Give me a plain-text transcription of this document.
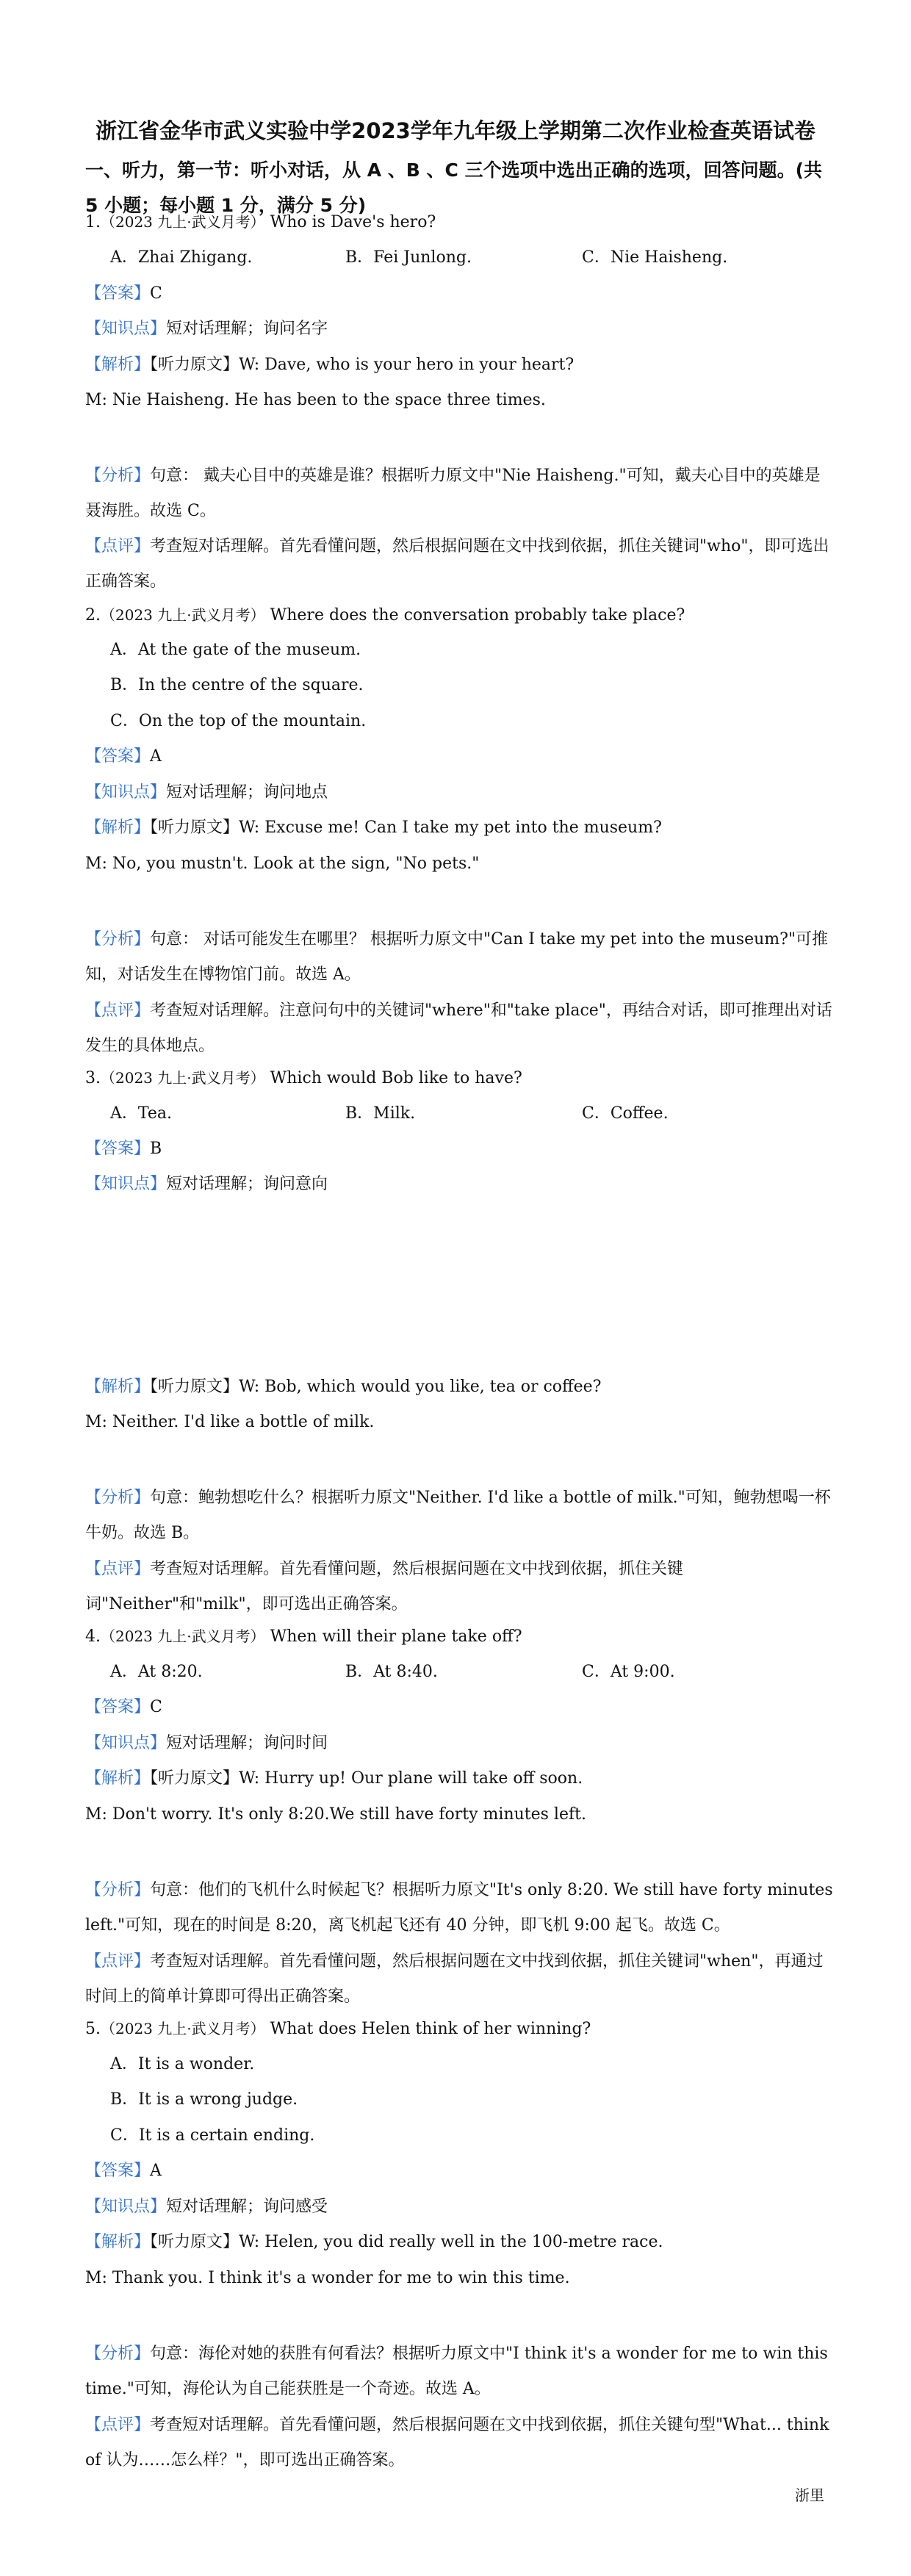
浙江省金华市武义实验中学2023学年九年级上学期第二次作业检查英语试卷
一、听力，第一节：听小对话，从 A 、B 、C 三个选项中选出正确的选项，回答问题。(共 5 小题；每小题 1 分，满分 5 分)
1.（2023 九上·武义月考） Who is Dave's hero?
A．Zhai Zhigang.	B．Fei Junlong.	C．Nie Haisheng.
【答案】C
【知识点】短对话理解；询问名字
【解析】【听力原文】W: Dave, who is your hero in your heart?
M: Nie Haisheng. He has been to the space three times.
【分析】句意： 戴夫心目中的英雄是谁？根据听力原文中"Nie Haisheng."可知，戴夫心目中的英雄是聂海胜。故选 C。
【点评】考查短对话理解。首先看懂问题，然后根据问题在文中找到依据，抓住关键词"who"，即可选出正确答案。
2.（2023 九上·武义月考） Where does the conversation probably take place?
A．At the gate of the museum.
B．In the centre of the square.
C．On the top of the mountain.
【答案】A
【知识点】短对话理解；询问地点
【解析】【听力原文】W: Excuse me! Can I take my pet into the museum?
M: No, you mustn't. Look at the sign, "No pets."
【分析】句意： 对话可能发生在哪里？ 根据听力原文中"Can I take my pet into the museum?"可推知，对话发生在博物馆门前。故选 A。
【点评】考查短对话理解。注意问句中的关键词"where"和"take place"，再结合对话，即可推理出对话发生的具体地点。
3.（2023 九上·武义月考） Which would Bob like to have?
A．Tea.	B．Milk.	C．Coffee.
【答案】B
【知识点】短对话理解；询问意向
【解析】【听力原文】W: Bob, which would you like, tea or coffee?
M: Neither. I'd like a bottle of milk.
【分析】句意：鲍勃想吃什么？根据听力原文"Neither. I'd like a bottle of milk."可知，鲍勃想喝一杯牛奶。故选 B。
【点评】考查短对话理解。首先看懂问题，然后根据问题在文中找到依据，抓住关键词"Neither"和"milk"，即可选出正确答案。
4.（2023 九上·武义月考） When will their plane take off?
A．At 8:20.	B．At 8:40.	C．At 9:00.
【答案】C
【知识点】短对话理解；询问时间
【解析】【听力原文】W: Hurry up! Our plane will take off soon.
M: Don't worry. It's only 8:20.We still have forty minutes left.
【分析】句意：他们的飞机什么时候起飞？根据听力原文"It's only 8:20. We still have forty minutes left."可知，现在的时间是 8:20，离飞机起飞还有 40 分钟，即飞机 9:00 起飞。故选 C。
【点评】考查短对话理解。首先看懂问题，然后根据问题在文中找到依据，抓住关键词"when"，再通过时间上的简单计算即可得出正确答案。
5.（2023 九上·武义月考） What does Helen think of her winning?
A．It is a wonder.
B．It is a wrong judge.
C．It is a certain ending.
【答案】A
【知识点】短对话理解；询问感受
【解析】【听力原文】W: Helen, you did really well in the 100-metre race.
M: Thank you. I think it's a wonder for me to win this time.
【分析】句意：海伦对她的获胜有何看法？根据听力原文中"I think it's a wonder for me to win this time."可知，海伦认为自己能获胜是一个奇迹。故选 A。
【点评】考查短对话理解。首先看懂问题，然后根据问题在文中找到依据，抓住关键句型"What... think of 认为……怎么样？"，即可选出正确答案。
浙里
